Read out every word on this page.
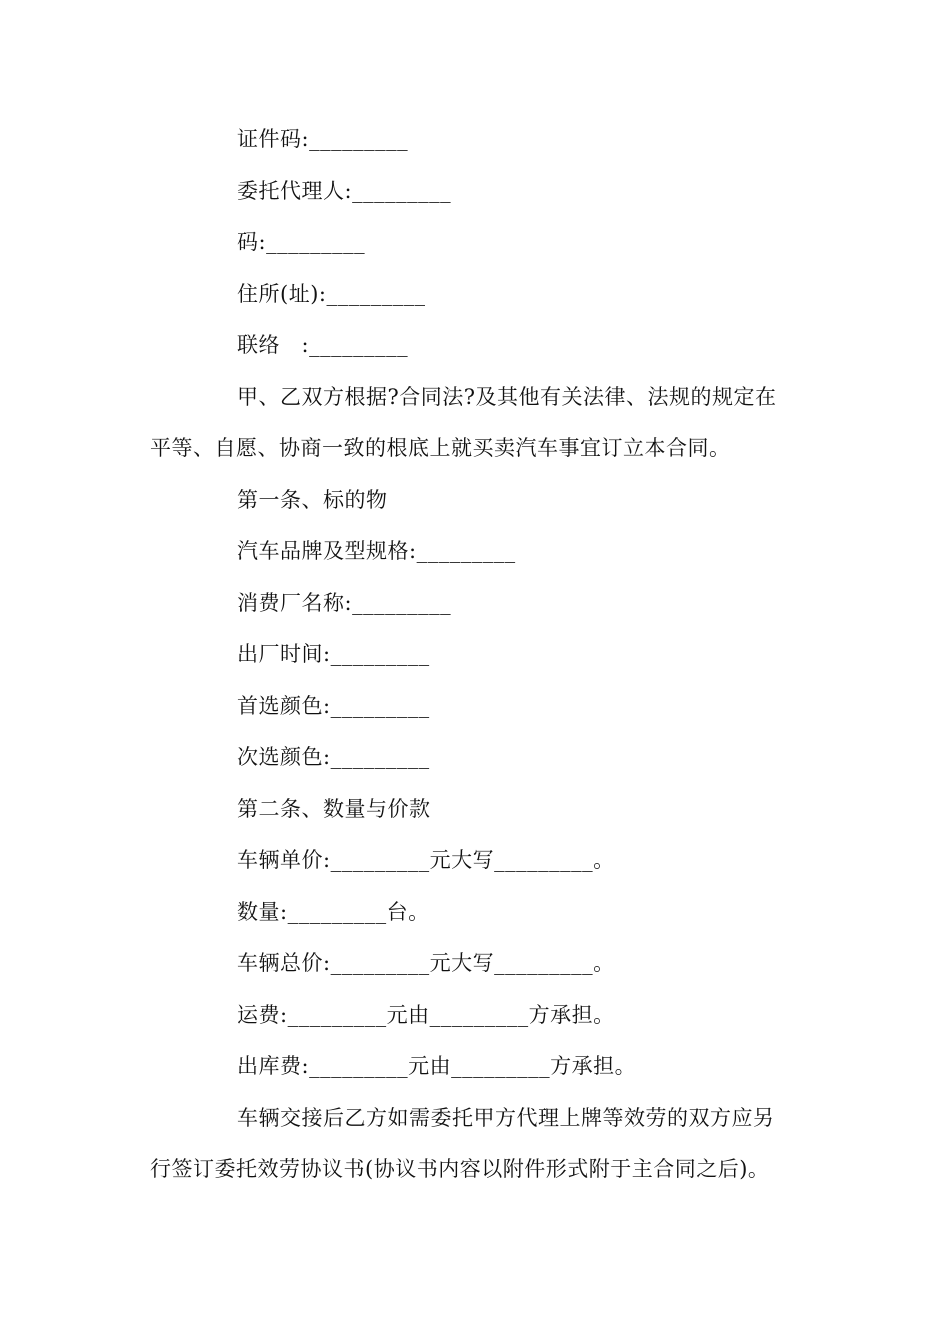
证件码:_________
委托代理人:_________
码:_________
住所(址):_________
联络   :_________
甲、乙双方根据?合同法?及其他有关法律、法规的规定在
平等、自愿、协商一致的根底上就买卖汽车事宜订立本合同。
第一条、标的物
汽车品牌及型规格:_________
消费厂名称:_________
出厂时间:_________
首选颜色:_________
次选颜色:_________
第二条、数量与价款
车辆单价:_________元大写_________。
数量:_________台。
车辆总价:_________元大写_________。
运费:_________元由_________方承担。
出库费:_________元由_________方承担。
车辆交接后乙方如需委托甲方代理上牌等效劳的双方应另
行签订委托效劳协议书(协议书内容以附件形式附于主合同之后)。
